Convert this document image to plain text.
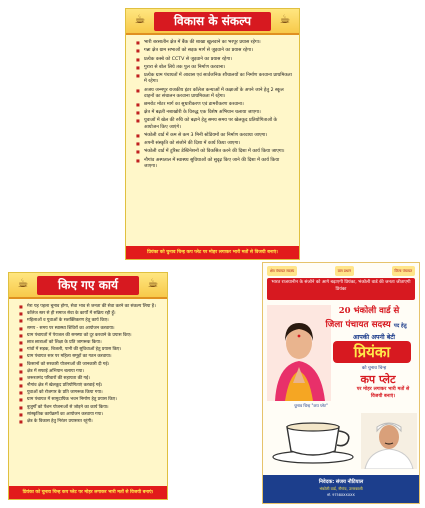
☕	विकास के संकल्प	☕
■ भारी बरसातीन क्षेत्र में बैंक की शाखा खुलवाने का भरपूर प्रयास रहेगा।
■ गन्ना क्षेत्र ग्राम सभाओं को सड़क मार्ग से जुड़वाने का प्रयास रहेगा।
■ प्रत्येक कस्बे को CCTV से जुड़वाने का प्रयास रहेगा।
■ गुरारा से बोल लिये तक पुल का निर्माण करवाना।
■ प्रत्येक ग्राम पंचायतों में आवास एवं सार्वजनिक शौचालयों का निर्माण करवाना प्राथमिकता में रहेगा।
■ अजय जन्मपुर राजकीय इंटर कॉलेज कन्याओं में कक्षाओं के अपने जाने हेतु 2 स्कूल वाहनों का संचालन करवाना प्राथमिकता में रहेगा।
■ छमरोट मोटर मार्ग का सुधारीकरण एवं डामरीकरण करवाना।
■ क्षेत्र में बढ़ती नशाखोरी के विरुद्ध एक विशेष अभियान चलाया जाएगा।
■ युवाओं में खेल की रुचि को बढ़ाने हेतु समय समय पर खेलकूद प्रतियोगिताओं के आयोजन किए जाएंगे।
■ भंकोली वार्ड में कम से कम 3 मिनी स्टेडियमों का निर्माण करवाया जाएगा।
■ अपनी संस्कृति को संजोने की दिशा में कार्य किया जाएगा।
■ भंकोली वार्ड में टूरिस्ट डेस्टिनेशनों को विकसित करने की दिशा में कार्य किया जाएगा।
■ नौगांव अस्पताल में स्वास्थ्य सुविधाओं को सुदृढ़ किए जाने की दिशा में कार्य किया जाएगा।
प्रियंका को चुनाव चिन्ह कप प्लेट पर मोहर लगाकर भारी मतों से विजयी बनाएं।
☕	किए गए कार्य	☕
■ मेरा यह पहला चुनाव होगा, सेवा भाव से जनता की सेवा करने का संकल्प लिया है।
■ कॉलेज स्तर से ही समाज सेवा के कार्यों में सक्रिय रही हूँ।
■ महिलाओं व युवाओं के सशक्तिकरण हेतु कार्य किए।
■ समय - समय पर स्वास्थ्य शिविरों का आयोजन करवाया।
■ ग्राम पंचायतों में पेयजल की समस्या को दूर करवाने के प्रयास किए।
■ छात्र छात्राओं को शिक्षा के प्रति जागरूक किया।
■ गांवों में सड़क, बिजली, पानी की सुविधाओं हेतु प्रयास किए।
■ ग्राम पंचायत स्तर पर महिला समूहों का गठन करवाया।
■ किसानों को सरकारी योजनाओं की जानकारी दी गई।
■ क्षेत्र में सफाई अभियान चलाया गया।
■ जरूरतमंद परिवारों की सहायता की गई।
■ नौगांव क्षेत्र में खेलकूद प्रतियोगिताएं करवाई गईं।
■ युवाओं को रोजगार के प्रति जागरूक किया गया।
■ ग्राम पंचायत में सामुदायिक भवन निर्माण हेतु प्रयास किए।
■ बुजुर्गों को पेंशन योजनाओं से जोड़ने का कार्य किया।
■ सांस्कृतिक कार्यक्रमों का आयोजन करवाया गया।
■ क्षेत्र के विकास हेतु निरंतर प्रयासरत रहूंगी।
प्रियंका को चुनाव चिन्ह कप प्लेट पर मोहर लगाकर भारी मतों से विजयी बनाएं।
क्षेत्र पंचायत सदस्य	ग्राम प्रधान	जिला पंचायत
भारत राजधानीन के संजोने को आगे बढ़ाएगी प्रियंका, भंकोली वार्ड की जनता जीताएगी प्रियंका
20 भंकोली वार्ड से
जिला पंचायत सदस्य पद हेतु
आपकी अपनी बेटी
प्रियंका
को चुनाव चिन्ह
कप प्लेट
पर मोहर लगाकर भारी मतों से विजयी बनाएं।
चुनाव चिन्ह "कप प्लेट"
निवेदक: संजय नौटियाल
भंकोली वार्ड, नौगांव, उत्तरकाशी
मो. 9758XXXXXX
